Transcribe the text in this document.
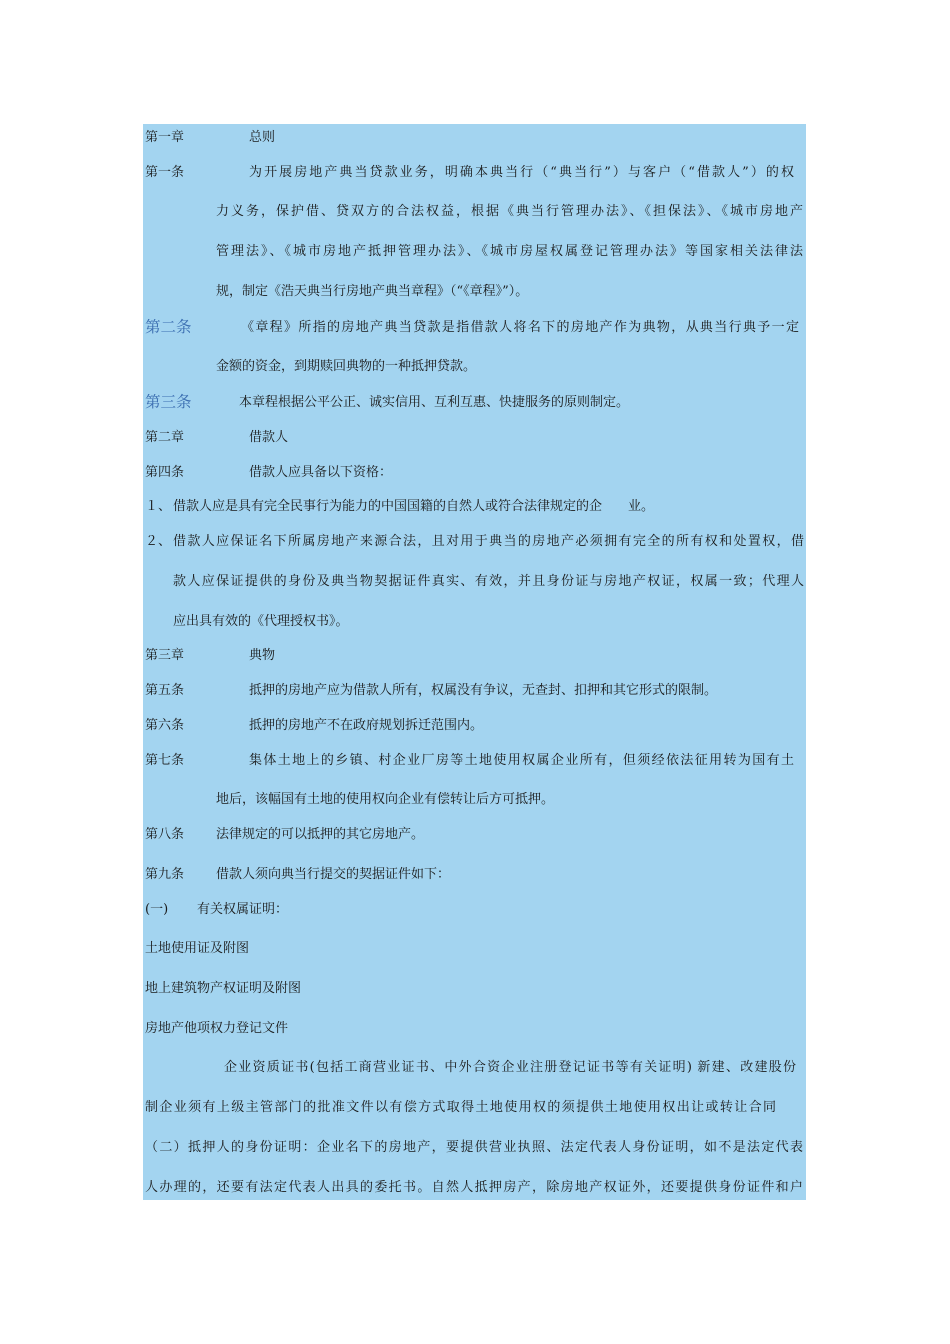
第一章	总则
第一条	为开展房地产典当贷款业务，明确本典当行（“典当行”）与客户（“借款人”）的权
力义务，保护借、贷双方的合法权益，根据《典当行管理办法》、《担保法》、《城市房地产
管理法》、《城市房地产抵押管理办法》、《城市房屋权属登记管理办法》等国家相关法律法
规，制定《浩天典当行房地产典当章程》（“《章程》”）。
第二条	《章程》所指的房地产典当贷款是指借款人将名下的房地产作为典物，从典当行典予一定
金额的资金，到期赎回典物的一种抵押贷款。
第三条	本章程根据公平公正、诚实信用、互利互惠、快捷服务的原则制定。
第二章	借款人
第四条	借款人应具备以下资格：
１、 借款人应是具有完全民事行为能力的中国国籍的自然人或符合法律规定的企　　业。
２、 借款人应保证名下所属房地产来源合法，且对用于典当的房地产必须拥有完全的所有权和处置权，借
款人应保证提供的身份及典当物契据证件真实、有效，并且身份证与房地产权证，权属一致；代理人
应出具有效的《代理授权书》。
第三章	典物
第五条	抵押的房地产应为借款人所有，权属没有争议，无查封、扣押和其它形式的限制。
第六条	抵押的房地产不在政府规划拆迁范围内。
第七条	集体土地上的乡镇、村企业厂房等土地使用权属企业所有，但须经依法征用转为国有土
地后，该幅国有土地的使用权向企业有偿转让后方可抵押。
第八条 法律规定的可以抵押的其它房地产。
第九条 借款人须向典当行提交的契据证件如下：
(一) 有关权属证明：
土地使用证及附图
地上建筑物产权证明及附图
房地产他项权力登记文件
企业资质证书(包括工商营业证书、中外合资企业注册登记证书等有关证明) 新建、改建股份
制企业须有上级主管部门的批准文件以有偿方式取得土地使用权的须提供土地使用权出让或转让合同
（二）抵押人的身份证明：企业名下的房地产，要提供营业执照、法定代表人身份证明，如不是法定代表
人办理的，还要有法定代表人出具的委托书。自然人抵押房产，除房地产权证外，还要提供身份证件和户
